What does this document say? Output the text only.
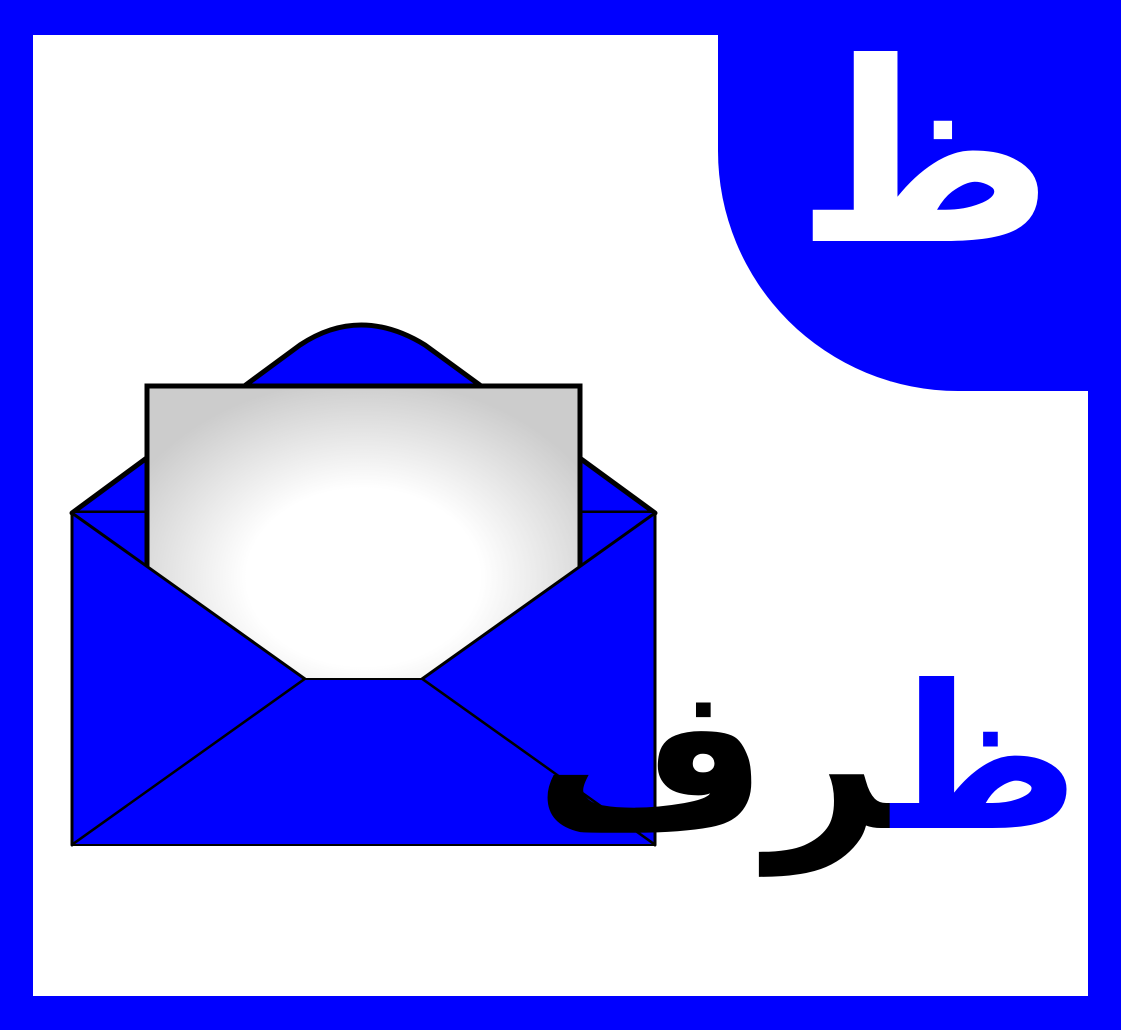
ظ
ظرف
